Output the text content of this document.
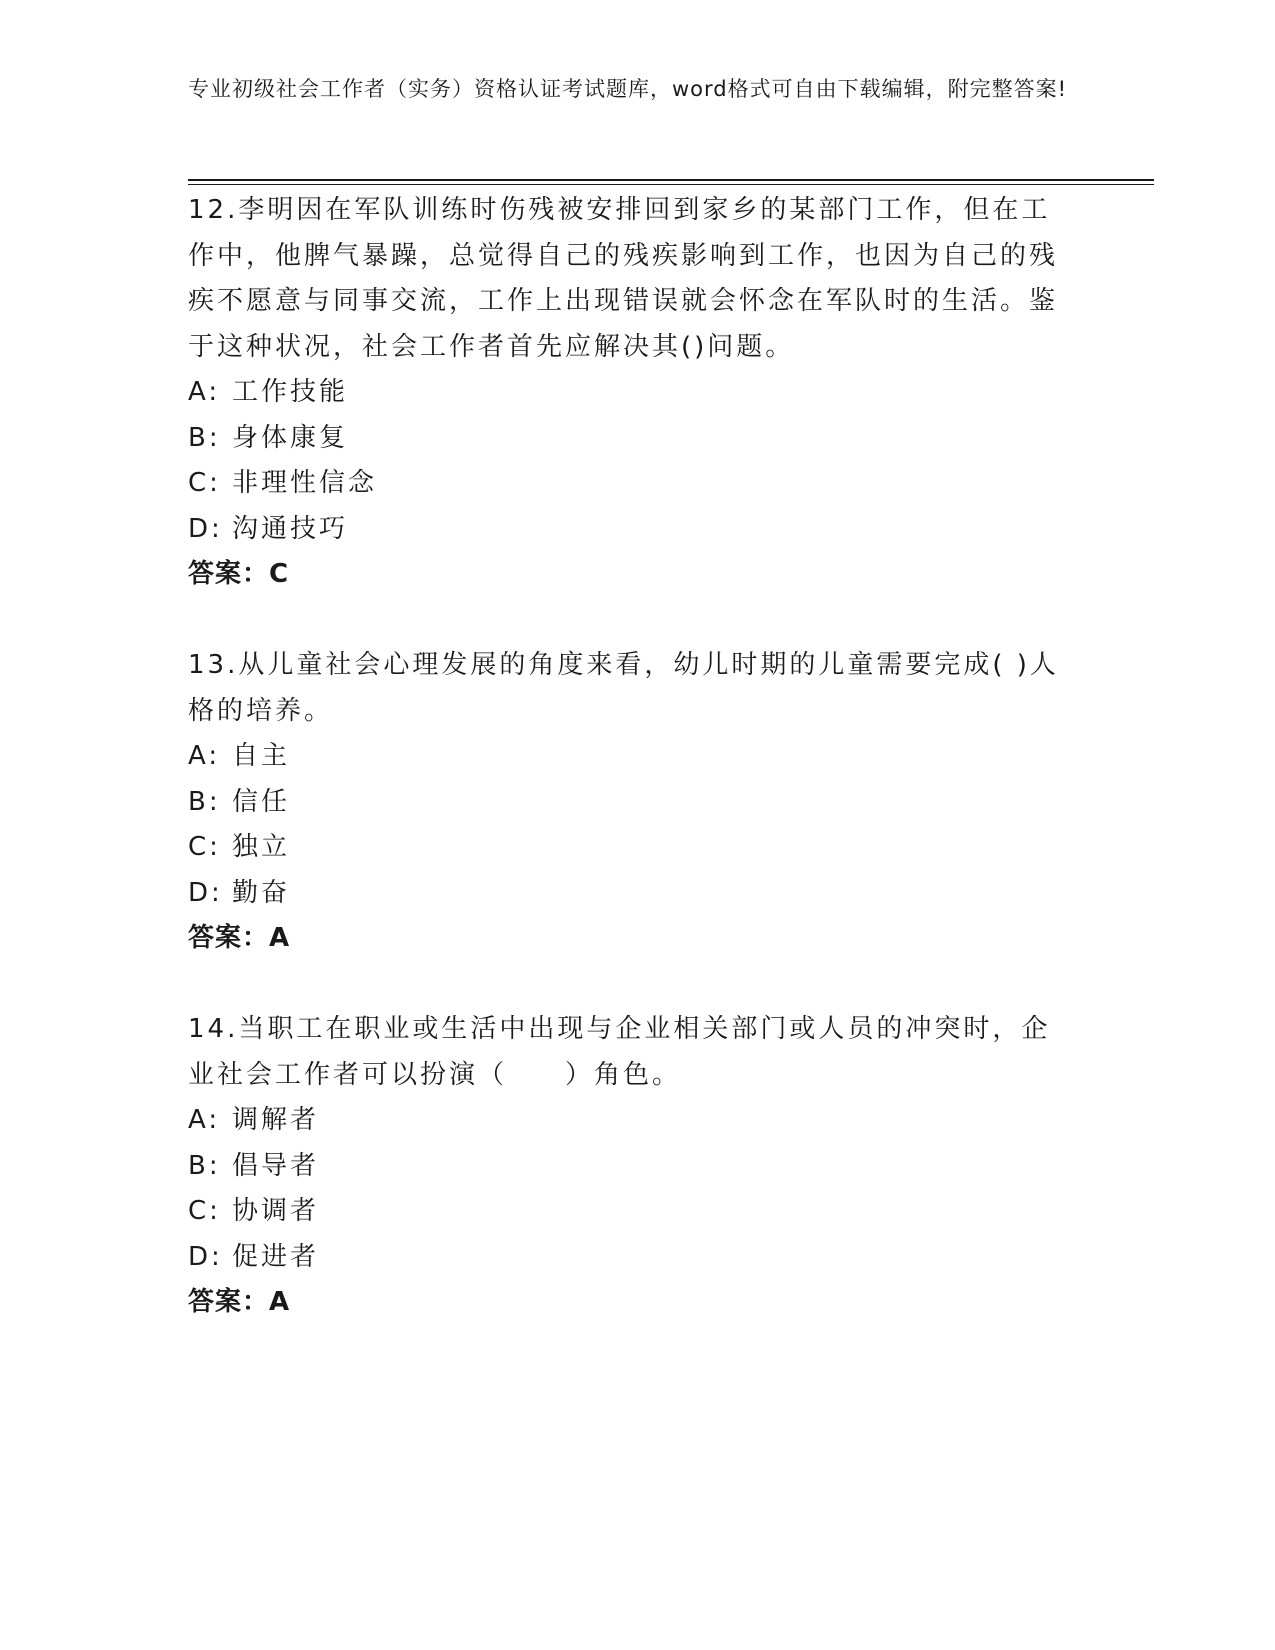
专业初级社会工作者（实务）资格认证考试题库，word格式可自由下载编辑，附完整答案!
12.李明因在军队训练时伤残被安排回到家乡的某部门工作，但在工作中，他脾气暴躁，总觉得自己的残疾影响到工作，也因为自己的残疾不愿意与同事交流，工作上出现错误就会怀念在军队时的生活。鉴于这种状况，社会工作者首先应解决其()问题。
A: 工作技能
B: 身体康复
C: 非理性信念
D: 沟通技巧
答案：C
13.从儿童社会心理发展的角度来看，幼儿时期的儿童需要完成( )人格的培养。
A: 自主
B: 信任
C: 独立
D: 勤奋
答案：A
14.当职工在职业或生活中出现与企业相关部门或人员的冲突时，企业社会工作者可以扮演（　　）角色。
A: 调解者
B: 倡导者
C: 协调者
D: 促进者
答案：A
